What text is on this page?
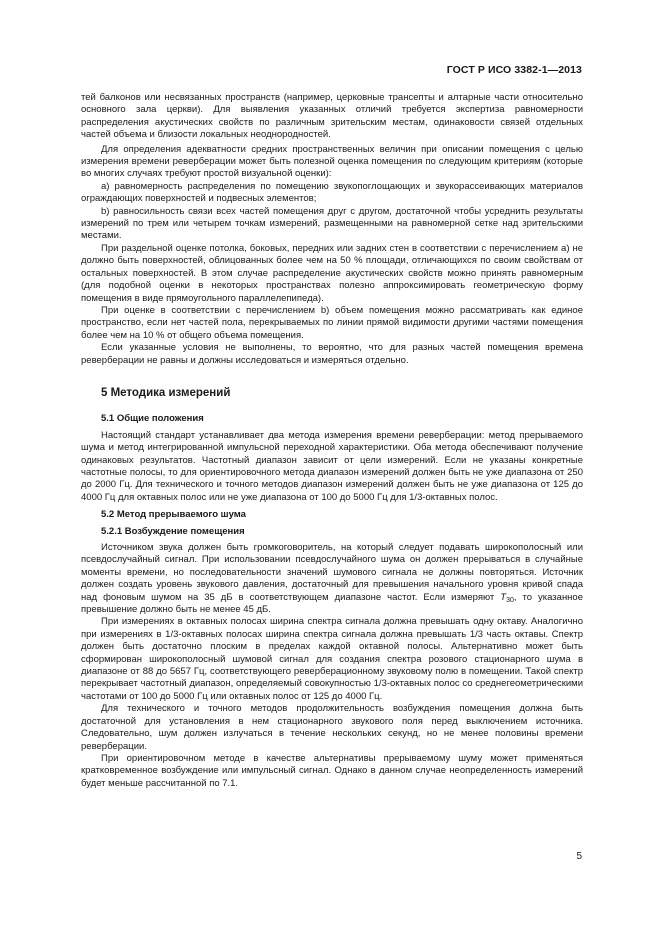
ГОСТ Р ИСО 3382-1—2013

тей балконов или несвязанных пространств (например, церковные трансепты и алтарные части относительно основного зала церкви). Для выявления указанных отличий требуется экспертиза равномерности распределения акустических свойств по различным зрительским местам, одинаковости связей отдельных частей объема и близости локальных неоднородностей.

Для определения адекватности средних пространственных величин при описании помещения с целью измерения времени реверберации может быть полезной оценка помещения по следующим критериям (которые во многих случаях требуют простой визуальной оценки):

a) равномерность распределения по помещению звукопоглощающих и звукорассеивающих материалов ограждающих поверхностей и подвесных элементов;

b) равносильность связи всех частей помещения друг с другом, достаточной чтобы усреднить результаты измерений по трем или четырем точкам измерений, размещенными на равномерной сетке над зрительскими местами.

При раздельной оценке потолка, боковых, передних или задних стен в соответствии с перечислением а) не должно быть поверхностей, облицованных более чем на 50 % площади, отличающихся по своим свойствам от остальных поверхностей. В этом случае распределение акустических свойств можно принять равномерным (для подобной оценки в некоторых пространствах полезно аппроксимировать геометрическую форму помещения в виде прямоугольного параллелепипеда).

При оценке в соответствии с перечислением b) объем помещения можно рассматривать как единое пространство, если нет частей пола, перекрываемых по линии прямой видимости другими частями помещения более чем на 10 % от общего объема помещения.

Если указанные условия не выполнены, то вероятно, что для разных частей помещения времена реверберации не равны и должны исследоваться и измеряться отдельно.

5 Методика измерений
5.1 Общие положения

Настоящий стандарт устанавливает два метода измерения времени реверберации: метод прерываемого шума и метод интегрированной импульсной переходной характеристики. Оба метода обеспечивают получение одинаковых результатов. Частотный диапазон зависит от цели измерений. Если не указаны конкретные частотные полосы, то для ориентировочного метода диапазон измерений должен быть не уже диапазона от 250 до 2000 Гц. Для технического и точного методов диапазон измерений должен быть не уже диапазона от 125 до 4000 Гц для октавных полос или не уже диапазона от 100 до 5000 Гц для 1/3-октавных полос.

5.2 Метод прерываемого шума
5.2.1 Возбуждение помещения

Источником звука должен быть громкоговоритель, на который следует подавать широкополосный или псевдослучайный сигнал. При использовании псевдослучайного шума он должен прерываться в случайные моменты времени, но последовательности значений шумового сигнала не должны повторяться. Источник должен создать уровень звукового давления, достаточный для превышения начального уровня кривой спада над фоновым шумом на 35 дБ в соответствующем диапазоне частот. Если измеряют $T_{30}$, то указанное превышение должно быть не менее 45 дБ.

При измерениях в октавных полосах ширина спектра сигнала должна превышать одну октаву. Аналогично при измерениях в 1/3-октавных полосах ширина спектра сигнала должна превышать 1/3 часть октавы. Спектр должен быть достаточно плоским в пределах каждой октавной полосы. Альтернативно может быть сформирован широкополосный шумовой сигнал для создания спектра розового стационарного шума в диапазоне от 88 до 5657 Гц, соответствующего реверберационному звуковому полю в помещении. Такой спектр перекрывает частотный диапазон, определяемый совокупностью 1/3-октавных полос со среднегеометрическими частотами от 100 до 5000 Гц или октавных полос от 125 до 4000 Гц.

Для технического и точного методов продолжительность возбуждения помещения должна быть достаточной для установления в нем стационарного звукового поля перед выключением источника. Следовательно, шум должен излучаться в течение нескольких секунд, но не менее половины времени реверберации.

При ориентировочном методе в качестве альтернативы прерываемому шуму может применяться кратковременное возбуждение или импульсный сигнал. Однако в данном случае неопределенность измерений будет меньше рассчитанной по 7.1.

5
